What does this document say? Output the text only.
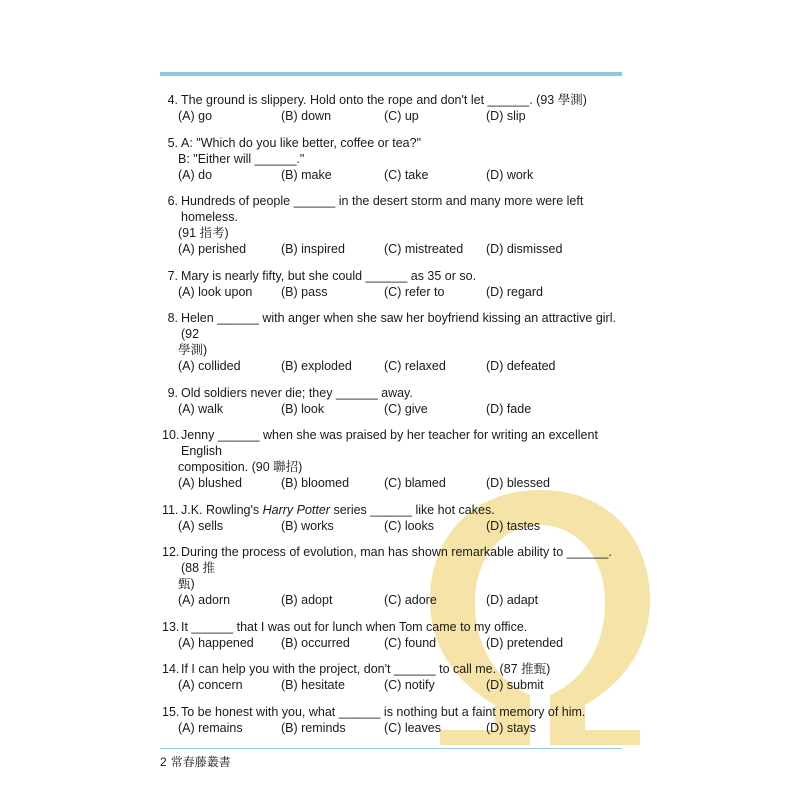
4. The ground is slippery. Hold onto the rope and don't let ______. (93 學測)
(A) go	(B) down	(C) up	(D) slip
5. A: "Which do you like better, coffee or tea?"
B: "Either will ______."
(A) do	(B) make	(C) take	(D) work
6. Hundreds of people ______ in the desert storm and many more were left homeless.
(91 指考)
(A) perished	(B) inspired	(C) mistreated	(D) dismissed
7. Mary is nearly fifty, but she could ______ as 35 or so.
(A) look upon	(B) pass	(C) refer to	(D) regard
8. Helen ______ with anger when she saw her boyfriend kissing an attractive girl. (92
學測)
(A) collided	(B) exploded	(C) relaxed	(D) defeated
9. Old soldiers never die; they ______ away.
(A) walk	(B) look	(C) give	(D) fade
10. Jenny ______ when she was praised by her teacher for writing an excellent English
composition. (90 聯招)
(A) blushed	(B) bloomed	(C) blamed	(D) blessed
11. J.K. Rowling's Harry Potter series ______ like hot cakes.
(A) sells	(B) works	(C) looks	(D) tastes
12. During the process of evolution, man has shown remarkable ability to ______. (88 推
甄)
(A) adorn	(B) adopt	(C) adore	(D) adapt
13. It ______ that I was out for lunch when Tom came to my office.
(A) happened	(B) occurred	(C) found	(D) pretended
14. If I can help you with the project, don't ______ to call me. (87 推甄)
(A) concern	(B) hesitate	(C) notify	(D) submit
15. To be honest with you, what ______ is nothing but a faint memory of him.
(A) remains	(B) reminds	(C) leaves	(D) stays
2 常春藤叢書
